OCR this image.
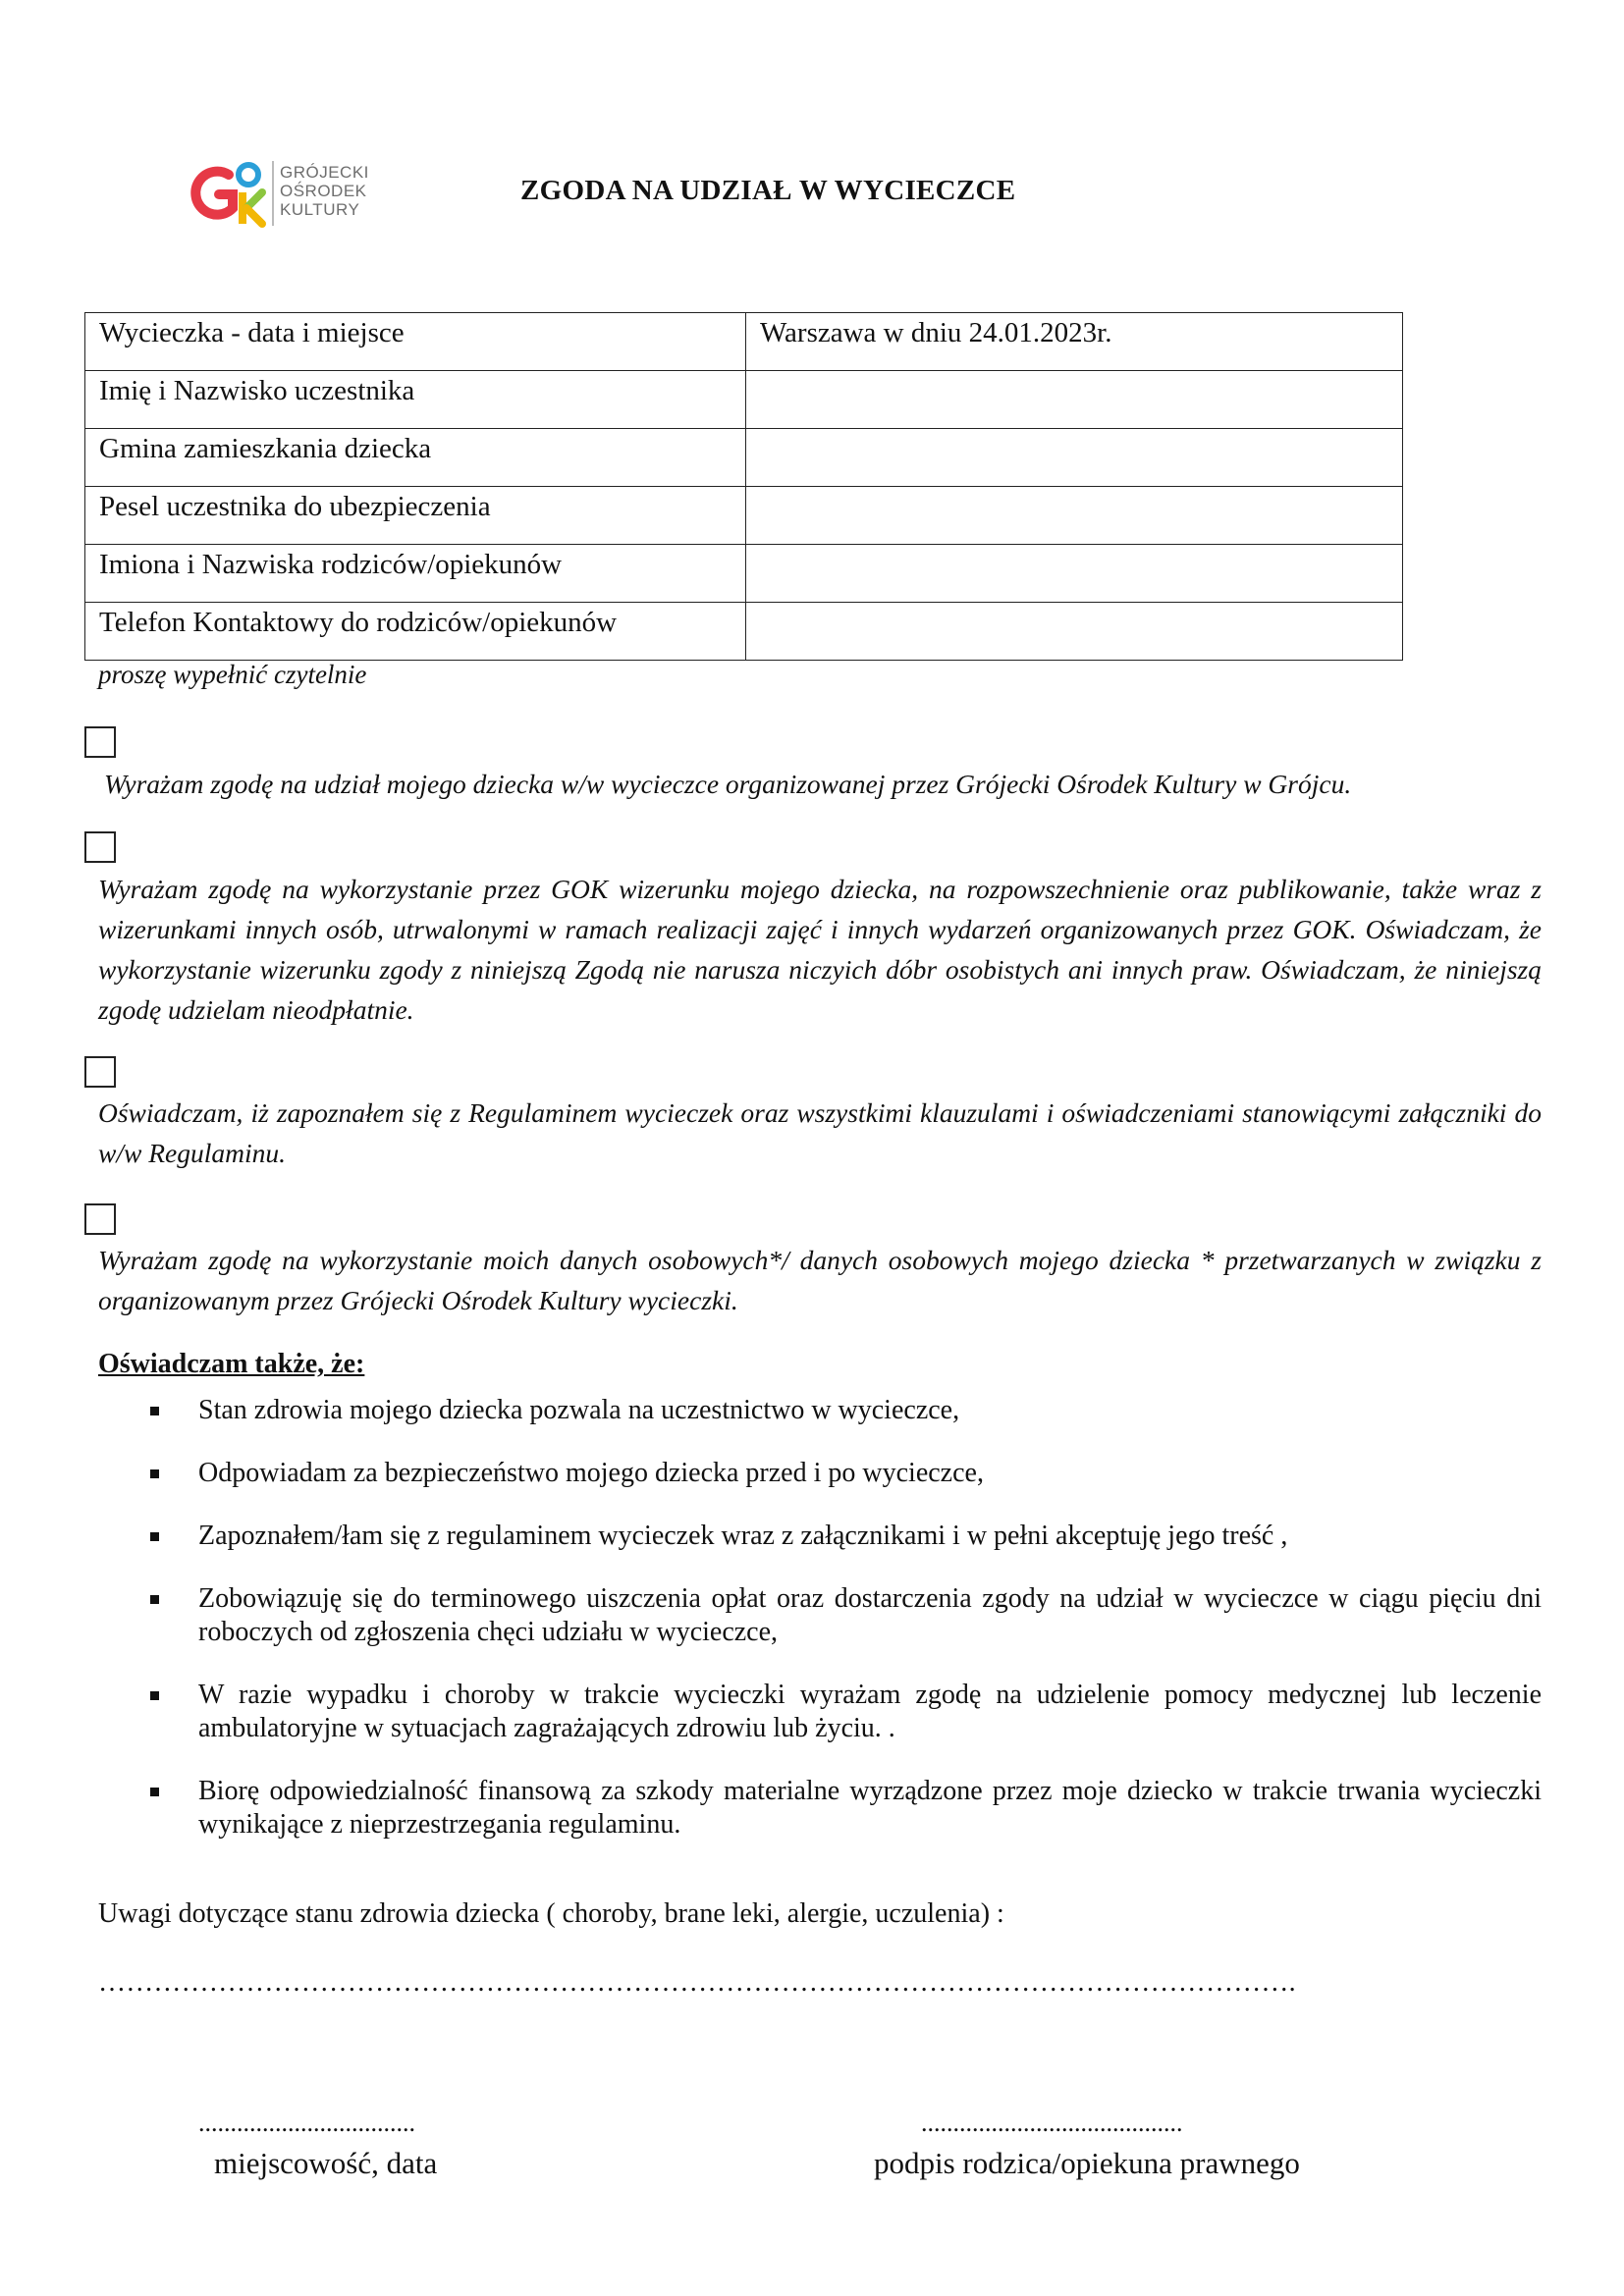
GRÓJECKI
OŚRODEK
KULTURY
ZGODA NA UDZIAŁ W WYCIECZCE
Wycieczka - data i miejsce	Warszawa w dniu 24.01.2023r.
Imię i Nazwisko uczestnika	
Gmina zamieszkania dziecka	
Pesel uczestnika do ubezpieczenia	
Imiona i Nazwiska rodziców/opiekunów	
Telefon Kontaktowy do rodziców/opiekunów	
proszę wypełnić czytelnie
Wyrażam zgodę na udział mojego dziecka w/w wycieczce organizowanej przez Grójecki Ośrodek Kultury w Grójcu.
Wyrażam zgodę na wykorzystanie przez GOK wizerunku mojego dziecka, na rozpowszechnienie oraz publikowanie, także wraz z wizerunkami innych osób, utrwalonymi w ramach realizacji zajęć i innych wydarzeń organizowanych przez GOK. Oświadczam, że wykorzystanie wizerunku zgody z niniejszą Zgodą nie narusza niczyich dóbr osobistych ani innych praw. Oświadczam, że niniejszą zgodę udzielam nieodpłatnie.
Oświadczam, iż zapoznałem się z Regulaminem wycieczek oraz wszystkimi klauzulami i oświadczeniami stanowiącymi załączniki do w/w Regulaminu.
Wyrażam zgodę na wykorzystanie moich danych osobowych*/ danych osobowych mojego dziecka * przetwarzanych w związku z organizowanym przez Grójecki Ośrodek Kultury wycieczki.
Oświadczam także, że:
Stan zdrowia mojego dziecka pozwala na uczestnictwo w wycieczce,
Odpowiadam za bezpieczeństwo mojego dziecka przed i po wycieczce,
Zapoznałem/łam się z regulaminem wycieczek wraz z załącznikami i w pełni akceptuję jego treść ,
Zobowiązuję się do terminowego uiszczenia opłat oraz dostarczenia zgody na udział w wycieczce w ciągu pięciu dni roboczych od zgłoszenia chęci udziału w wycieczce,
W razie wypadku i choroby w trakcie wycieczki wyrażam zgodę na udzielenie pomocy medycznej lub leczenie ambulatoryjne w sytuacjach zagrażających zdrowiu lub życiu. .
Biorę odpowiedzialność finansową za szkody materialne wyrządzone przez moje dziecko w trakcie trwania wycieczki wynikające z nieprzestrzegania regulaminu.
Uwagi dotyczące stanu zdrowia dziecka ( choroby, brane leki, alergie, uczulenia) :
………………………………………………………………………………………………………………….
..................................
miejscowość, data
.........................................
podpis rodzica/opiekuna prawnego
